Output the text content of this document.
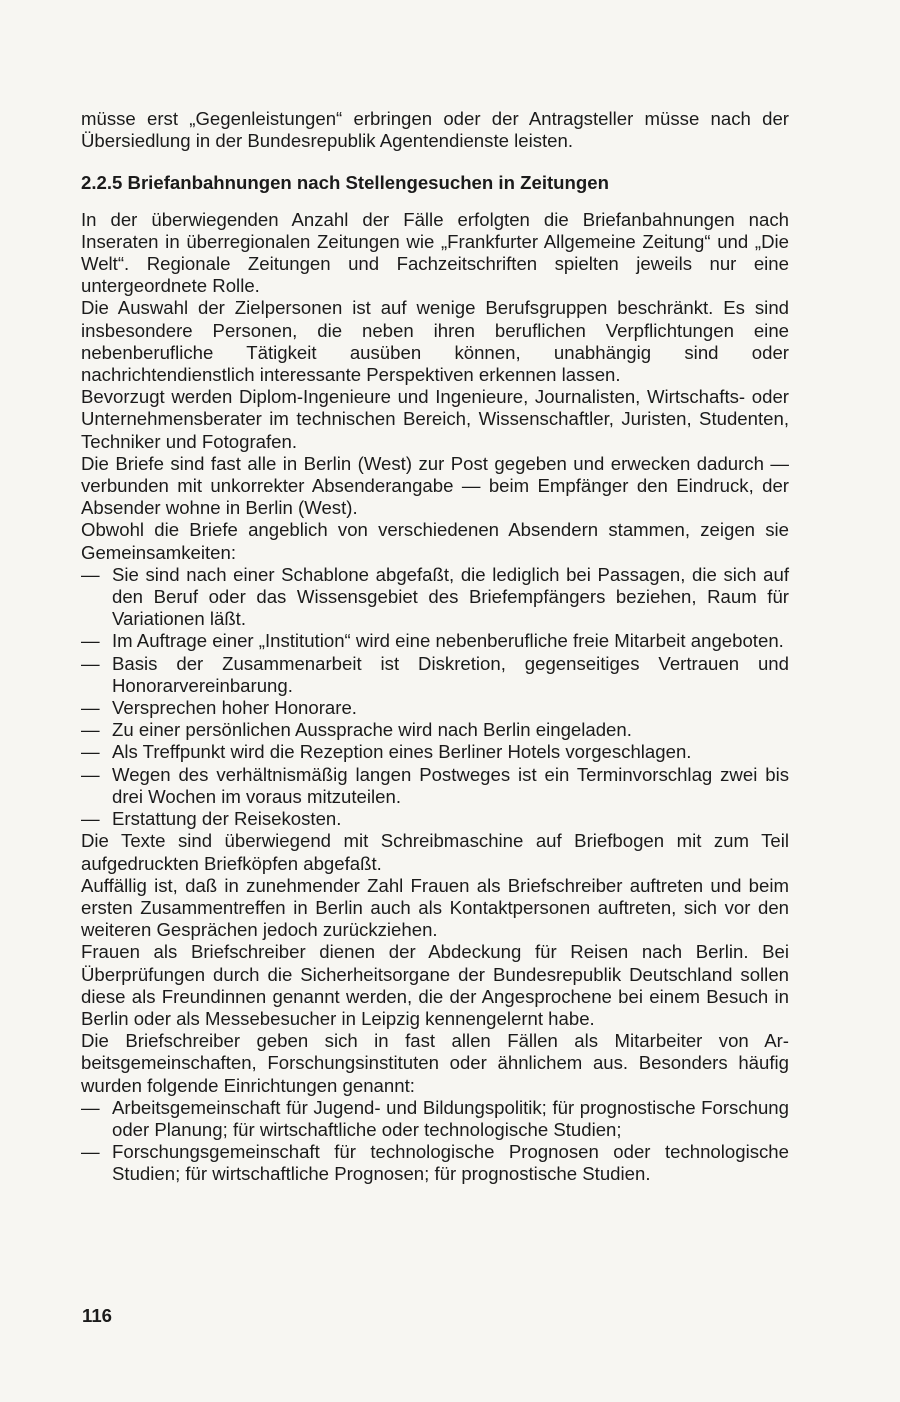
müsse erst „Gegenleistungen“ erbringen oder der Antragsteller müsse nach der Übersiedlung in der Bundesrepublik Agentendienste leisten.

2.2.5 Briefanbahnungen nach Stellengesuchen in Zeitungen

In der überwiegenden Anzahl der Fälle erfolgten die Briefanbahnungen nach Inseraten in überregionalen Zeitungen wie „Frankfurter Allgemeine Zeitung“ und „Die Welt“. Regionale Zeitungen und Fachzeitschriften spielten jeweils nur eine untergeordnete Rolle.

Die Auswahl der Zielpersonen ist auf wenige Berufsgruppen beschränkt. Es sind insbesondere Personen, die neben ihren beruflichen Verpflichtungen eine nebenberufliche Tätigkeit ausüben können, unabhängig sind oder nachrichtendienstlich interessante Perspektiven erkennen lassen.

Bevorzugt werden Diplom-Ingenieure und Ingenieure, Journalisten, Wirtschafts- oder Unternehmensberater im technischen Bereich, Wissenschaftler, Juristen, Studenten, Techniker und Fotografen.

Die Briefe sind fast alle in Berlin (West) zur Post gegeben und erwecken dadurch — verbunden mit unkorrekter Absenderangabe — beim Empfänger den Eindruck, der Absender wohne in Berlin (West).

Obwohl die Briefe angeblich von verschiedenen Absendern stammen, zeigen sie Gemeinsamkeiten:

— Sie sind nach einer Schablone abgefaßt, die lediglich bei Passagen, die sich auf den Beruf oder das Wissensgebiet des Briefempfängers beziehen, Raum für Variationen läßt.
— Im Auftrage einer „Institution“ wird eine nebenberufliche freie Mitarbeit angeboten.
— Basis der Zusammenarbeit ist Diskretion, gegenseitiges Vertrauen und Honorarvereinbarung.
— Versprechen hoher Honorare.
— Zu einer persönlichen Aussprache wird nach Berlin eingeladen.
— Als Treffpunkt wird die Rezeption eines Berliner Hotels vorgeschlagen.
— Wegen des verhältnismäßig langen Postweges ist ein Terminvorschlag zwei bis drei Wochen im voraus mitzuteilen.
— Erstattung der Reisekosten.

Die Texte sind überwiegend mit Schreibmaschine auf Briefbogen mit zum Teil aufgedruckten Briefköpfen abgefaßt.

Auffällig ist, daß in zunehmender Zahl Frauen als Briefschreiber auftreten und beim ersten Zusammentreffen in Berlin auch als Kontaktpersonen auftreten, sich vor den weiteren Gesprächen jedoch zurückziehen.

Frauen als Briefschreiber dienen der Abdeckung für Reisen nach Berlin. Bei Überprüfungen durch die Sicherheitsorgane der Bundesrepublik Deutschland sollen diese als Freundinnen genannt werden, die der Angesprochene bei einem Besuch in Berlin oder als Messebesucher in Leipzig kennengelernt habe.

Die Briefschreiber geben sich in fast allen Fällen als Mitarbeiter von Arbeitsgemeinschaften, Forschungsinstituten oder ähnlichem aus. Besonders häufig wurden folgende Einrichtungen genannt:

— Arbeitsgemeinschaft für Jugend- und Bildungspolitik; für prognostische Forschung oder Planung; für wirtschaftliche oder technologische Studien;
— Forschungsgemeinschaft für technologische Prognosen oder technologische Studien; für wirtschaftliche Prognosen; für prognostische Studien.
116
